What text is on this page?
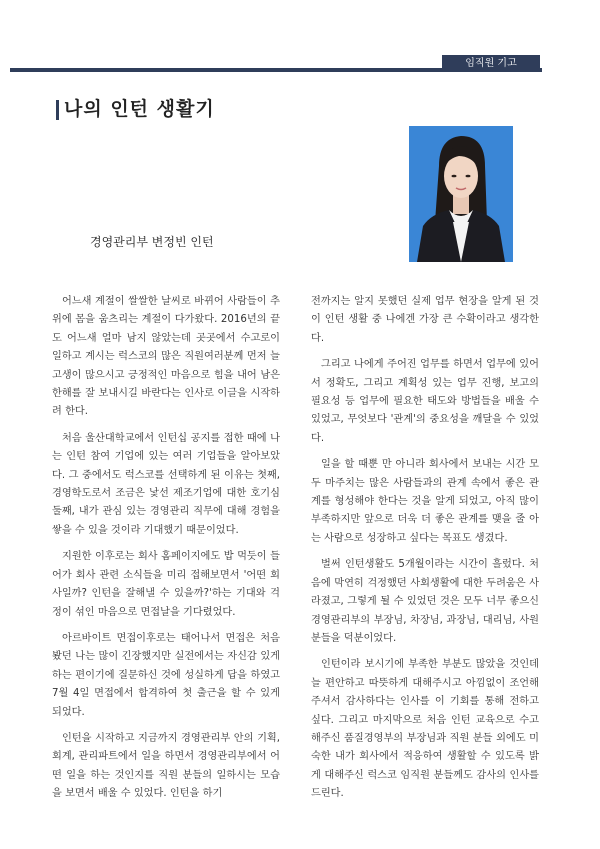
임직원 기고
나의 인턴 생활기
경영관리부 변정빈 인턴

어느새 계절이 쌀쌀한 날씨로 바뀌어 사람들이 추위에 몸을 움츠리는 계절이 다가왔다. 2016년의 끝도 어느새 얼마 남지 않았는데 곳곳에서 수고로이 일하고 계시는 럭스코의 많은 직원여러분께 먼저 늘 고생이 많으시고 긍정적인 마음으로 힘을 내어 남은 한해를 잘 보내시길 바란다는 인사로 이글을 시작하려 한다.

처음 울산대학교에서 인턴십 공지를 접한 때에 나는 인턴 참여 기업에 있는 여러 기업들을 알아보았다. 그 중에서도 럭스코를 선택하게 된 이유는 첫째, 경영학도로서 조금은 낯선 제조기업에 대한 호기심 둘째, 내가 관심 있는 경영관리 직무에 대해 경험을 쌓을 수 있을 것이라 기대했기 때문이었다.

지원한 이후로는 회사 홈페이지에도 밥 먹듯이 들어가 회사 관련 소식들을 미리 접해보면서 '어떤 회사일까? 인턴을 잘해낼 수 있을까?'하는 기대와 걱정이 섞인 마음으로 면접날을 기다렸었다.

아르바이트 면접이후로는 태어나서 면접은 처음봤던 나는 많이 긴장했지만 실전에서는 자신감 있게 하는 편이기에 질문하신 것에 성실하게 답을 하였고 7월 4일 면접에서 합격하여 첫 출근을 할 수 있게 되었다.

인턴을 시작하고 지금까지 경영관리부 안의 기획, 회계, 관리파트에서 일을 하면서 경영관리부에서 어떤 일을 하는 것인지를 직원 분들의 일하시는 모습을 보면서 배울 수 있었다. 인턴을 하기

전까지는 알지 못했던 실제 업무 현장을 알게 된 것이 인턴 생활 중 나에겐 가장 큰 수확이라고 생각한다.

그리고 나에게 주어진 업무를 하면서 업무에 있어서 정확도, 그리고 계획성 있는 업무 진행, 보고의 필요성 등 업무에 필요한 태도와 방법들을 배울 수 있었고, 무엇보다 '관계'의 중요성을 깨달을 수 있었다.

일을 할 때뿐 만 아니라 회사에서 보내는 시간 모두 마주치는 많은 사람들과의 관계 속에서 좋은 관계를 형성해야 한다는 것을 알게 되었고, 아직 많이 부족하지만 앞으로 더욱 더 좋은 관계를 맺을 줄 아는 사람으로 성장하고 싶다는 목표도 생겼다.

벌써 인턴생활도 5개월이라는 시간이 흘렀다. 처음에 막연히 걱정했던 사회생활에 대한 두려움은 사라졌고, 그렇게 될 수 있었던 것은 모두 너무 좋으신 경영관리부의 부장님, 차장님, 과장님, 대리님, 사원 분들을 덕분이었다.

인턴이라 보시기에 부족한 부분도 많았을 것인데 늘 편안하고 따뜻하게 대해주시고 아낌없이 조언해주셔서 감사하다는 인사를 이 기회를 통해 전하고 싶다. 그리고 마지막으로 처음 인턴 교육으로 수고해주신 품질경영부의 부장님과 직원 분들 외에도 미숙한 내가 회사에서 적응하여 생활할 수 있도록 밝게 대해주신 럭스코 임직원 분들께도 감사의 인사를 드린다.
